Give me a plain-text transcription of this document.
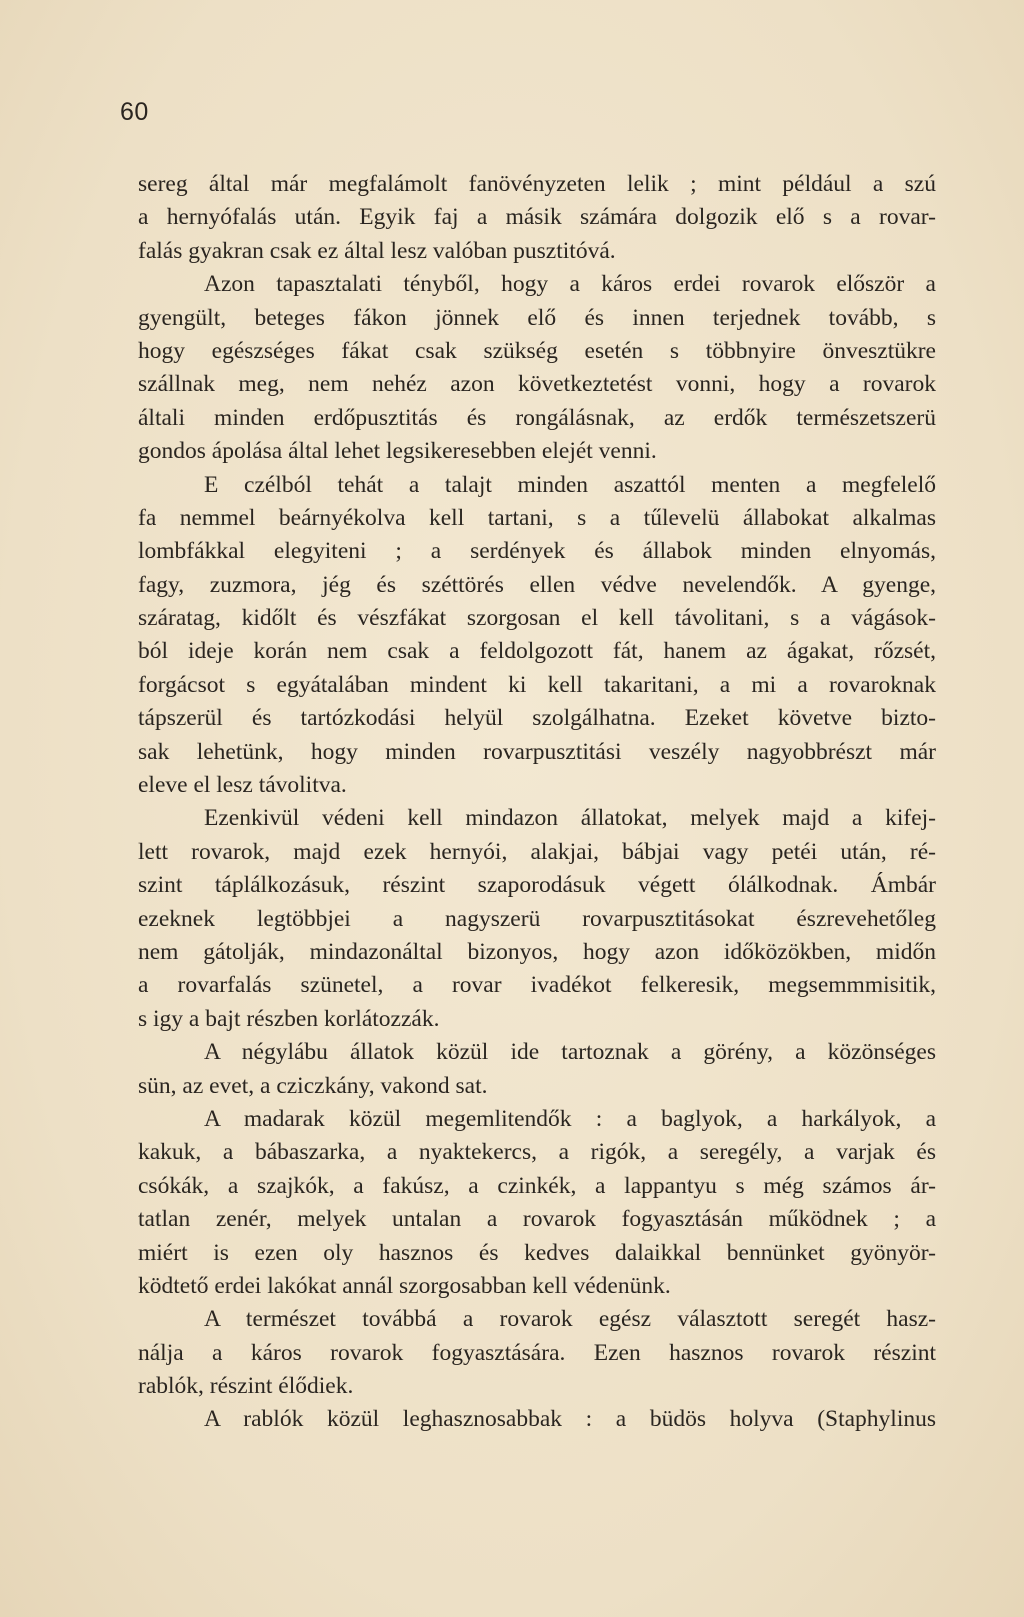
60
sereg által már megfalámolt fanövényzeten lelik ; mint például a szú
a hernyófalás után. Egyik faj a másik számára dolgozik elő s a rovar-
falás gyakran csak ez által lesz valóban pusztitóvá.
Azon tapasztalati tényből, hogy a káros erdei rovarok először a
gyengült, beteges fákon jönnek elő és innen terjednek tovább, s
hogy egészséges fákat csak szükség esetén s többnyire önvesztükre
szállnak meg, nem nehéz azon következtetést vonni, hogy a rovarok
általi minden erdőpusztitás és rongálásnak, az erdők természetszerü
gondos ápolása által lehet legsikeresebben elejét venni.
E czélból tehát a talajt minden aszattól menten a megfelelő
fa nemmel beárnyékolva kell tartani, s a tűlevelü állabokat alkalmas
lombfákkal elegyiteni ; a serdények és állabok minden elnyomás,
fagy, zuzmora, jég és széttörés ellen védve nevelendők. A gyenge,
száratag, kidőlt és vészfákat szorgosan el kell távolitani, s a vágások-
ból ideje korán nem csak a feldolgozott fát, hanem az ágakat, rőzsét,
forgácsot s egyátalában mindent ki kell takaritani, a mi a rovaroknak
tápszerül és tartózkodási helyül szolgálhatna. Ezeket követve bizto-
sak lehetünk, hogy minden rovarpusztitási veszély nagyobbrészt már
eleve el lesz távolitva.
Ezenkivül védeni kell mindazon állatokat, melyek majd a kifej-
lett rovarok, majd ezek hernyói, alakjai, bábjai vagy petéi után, ré-
szint táplálkozásuk, részint szaporodásuk végett ólálkodnak. Ámbár
ezeknek legtöbbjei a nagyszerü rovarpusztitásokat észrevehetőleg
nem gátolják, mindazonáltal bizonyos, hogy azon időközökben, midőn
a rovarfalás szünetel, a rovar ivadékot felkeresik, megsemmmisitik,
s igy a bajt részben korlátozzák.
A négylábu állatok közül ide tartoznak a görény, a közönséges
sün, az evet, a cziczkány, vakond sat.
A madarak közül megemlitendők : a baglyok, a harkályok, a
kakuk, a bábaszarka, a nyaktekercs, a rigók, a seregély, a varjak és
csókák, a szajkók, a fakúsz, a czinkék, a lappantyu s még számos ár-
tatlan zenér, melyek untalan a rovarok fogyasztásán működnek ; a
miért is ezen oly hasznos és kedves dalaikkal bennünket gyönyör-
ködtető erdei lakókat annál szorgosabban kell védenünk.
A természet továbbá a rovarok egész választott seregét hasz-
nálja a káros rovarok fogyasztására. Ezen hasznos rovarok részint
rablók, részint élődiek.
A rablók közül leghasznosabbak : a büdös holyva (Staphylinus
